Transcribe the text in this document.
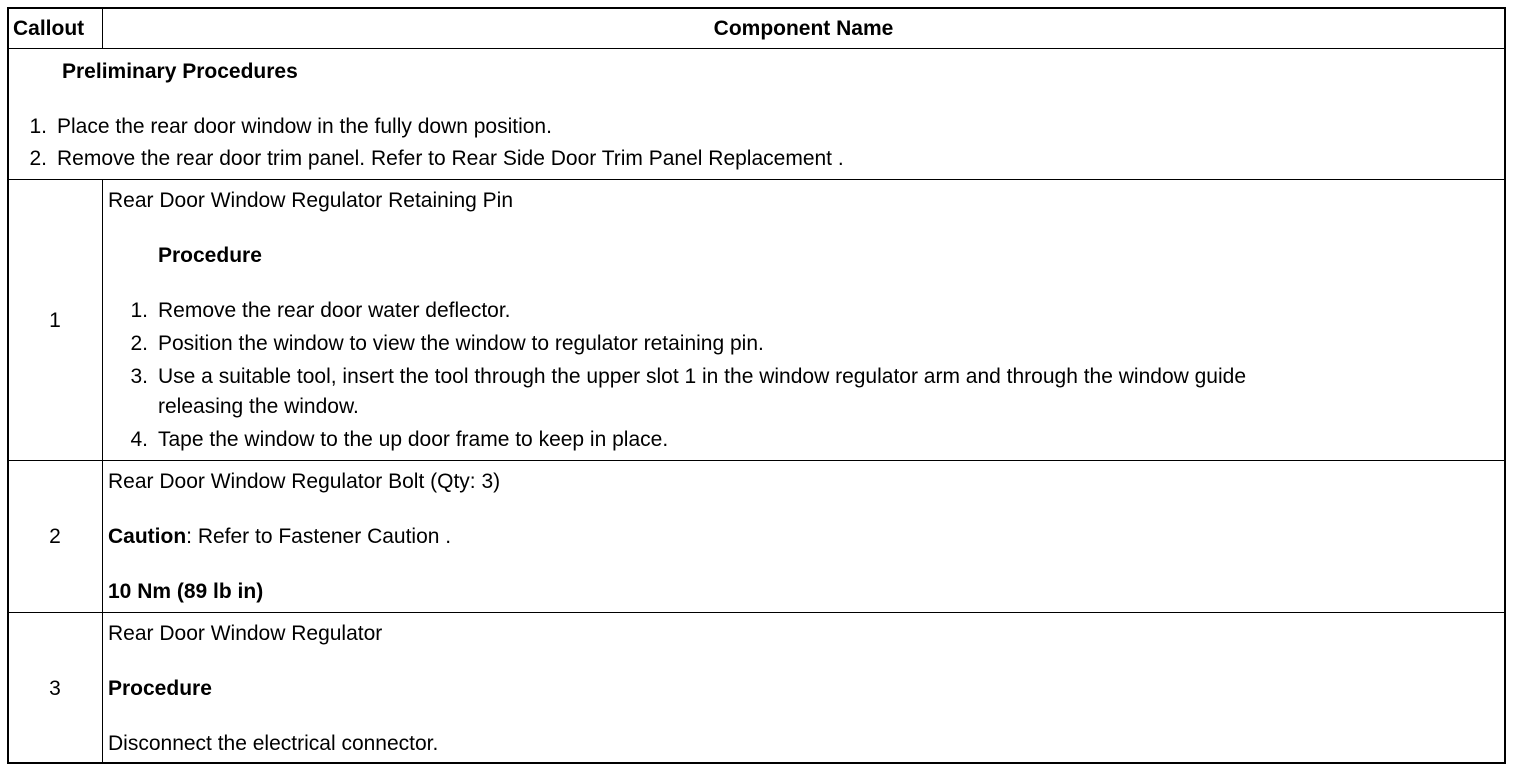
Callout	Component Name
Preliminary Procedures
1. Place the rear door window in the fully down position.
2. Remove the rear door trim panel. Refer to Rear Side Door Trim Panel Replacement .
1
Rear Door Window Regulator Retaining Pin
Procedure
1. Remove the rear door water deflector.
2. Position the window to view the window to regulator retaining pin.
3. Use a suitable tool, insert the tool through the upper slot 1 in the window regulator arm and through the window guide
releasing the window.
4. Tape the window to the up door frame to keep in place.
2
Rear Door Window Regulator Bolt (Qty: 3)
Caution: Refer to Fastener Caution .
10 Nm (89 lb in)
3
Rear Door Window Regulator
Procedure
Disconnect the electrical connector.
